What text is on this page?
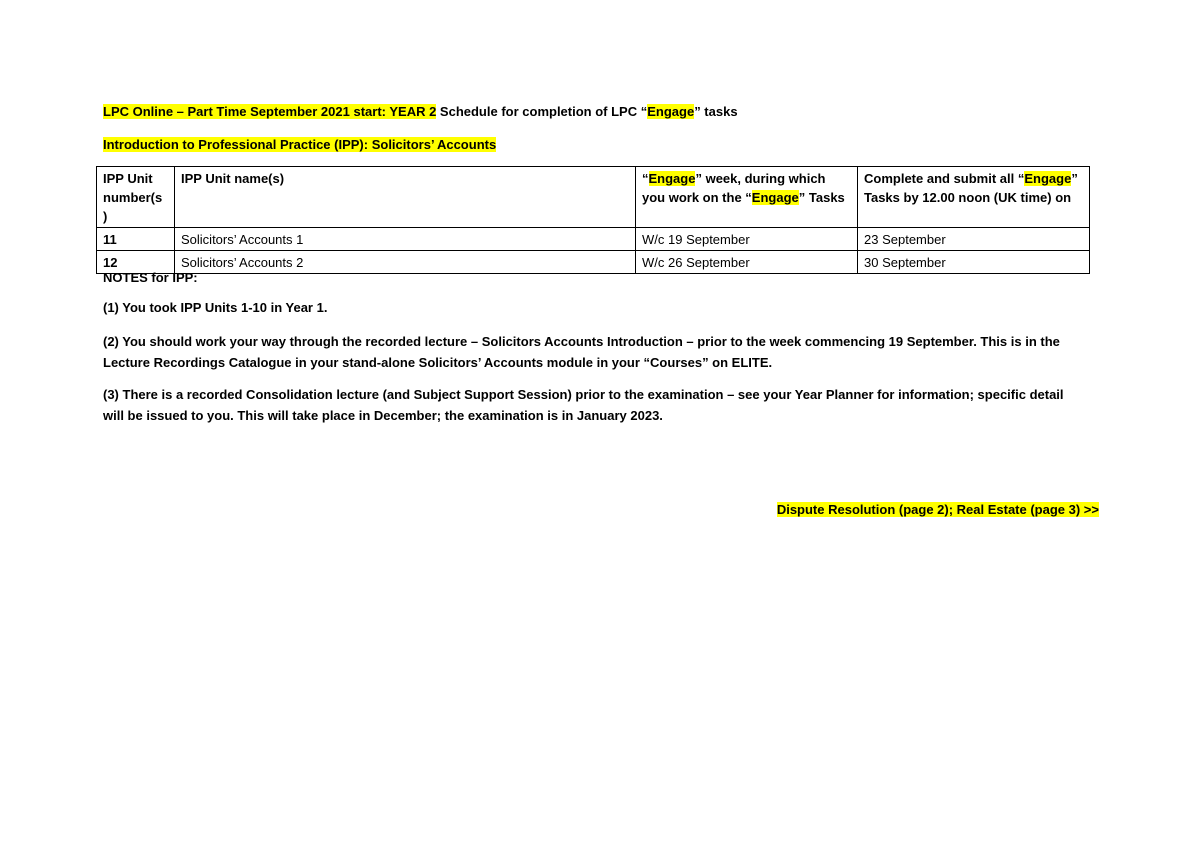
LPC Online – Part Time September 2021 start: YEAR 2 Schedule for completion of LPC “Engage” tasks
Introduction to Professional Practice (IPP): Solicitors’ Accounts
IPP Unit number(s )	IPP Unit name(s)	“Engage” week, during which you work on the “Engage” Tasks	Complete and submit all “Engage” Tasks by 12.00 noon (UK time) on
11	Solicitors’ Accounts 1	W/c 19 September	23 September
12	Solicitors’ Accounts 2	W/c 26 September	30 September
NOTES for IPP:
(1) You took IPP Units 1-10 in Year 1.
(2) You should work your way through the recorded lecture – Solicitors Accounts Introduction – prior to the week commencing 19 September. This is in the Lecture Recordings Catalogue in your stand-alone Solicitors’ Accounts module in your “Courses” on ELITE.
(3) There is a recorded Consolidation lecture (and Subject Support Session) prior to the examination – see your Year Planner for information; specific detail will be issued to you. This will take place in December; the examination is in January 2023.
Dispute Resolution (page 2); Real Estate (page 3) >>
